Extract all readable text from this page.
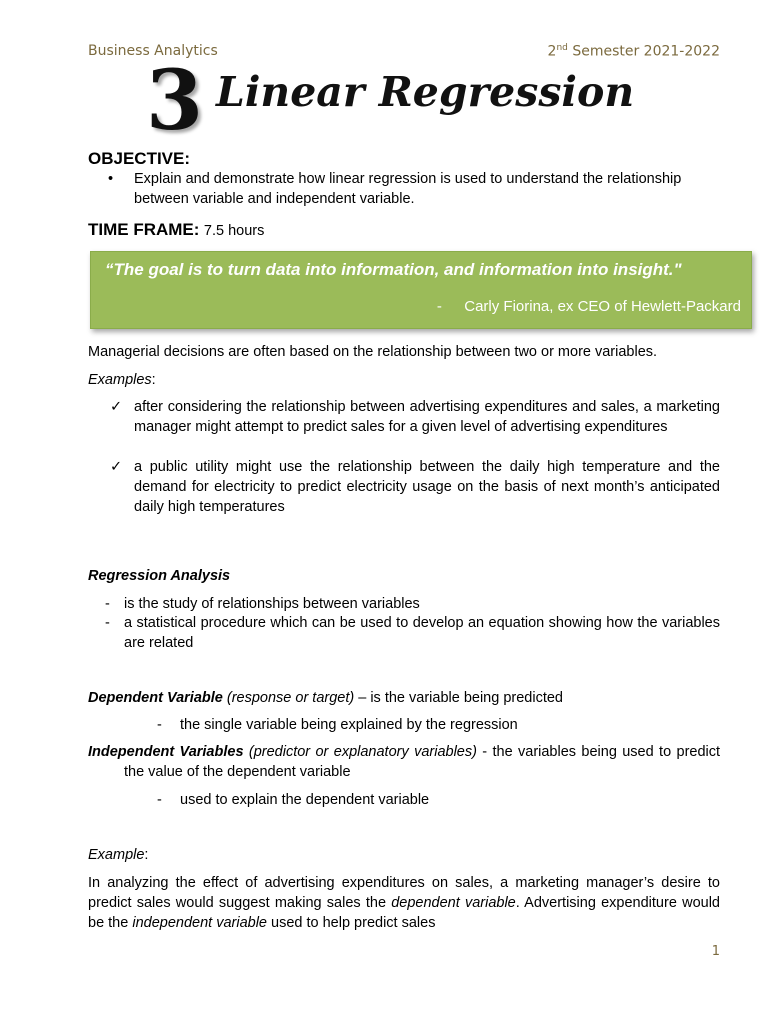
Business Analytics	2nd Semester 2021-2022
3 Linear Regression
OBJECTIVE:
• Explain and demonstrate how linear regression is used to understand the relationship between variable and independent variable.
TIME FRAME: 7.5 hours
“The goal is to turn data into information, and information into insight."
- Carly Fiorina, ex CEO of Hewlett-Packard
Managerial decisions are often based on the relationship between two or more variables.
Examples:
✓ after considering the relationship between advertising expenditures and sales, a marketing manager might attempt to predict sales for a given level of advertising expenditures
✓ a public utility might use the relationship between the daily high temperature and the demand for electricity to predict electricity usage on the basis of next month’s anticipated daily high temperatures
Regression Analysis
- is the study of relationships between variables
- a statistical procedure which can be used to develop an equation showing how the variables are related
Dependent Variable (response or target) – is the variable being predicted
- the single variable being explained by the regression
Independent Variables (predictor or explanatory variables) - the variables being used to predict the value of the dependent variable
- used to explain the dependent variable
Example:
In analyzing the effect of advertising expenditures on sales, a marketing manager’s desire to predict sales would suggest making sales the dependent variable. Advertising expenditure would be the independent variable used to help predict sales
1
